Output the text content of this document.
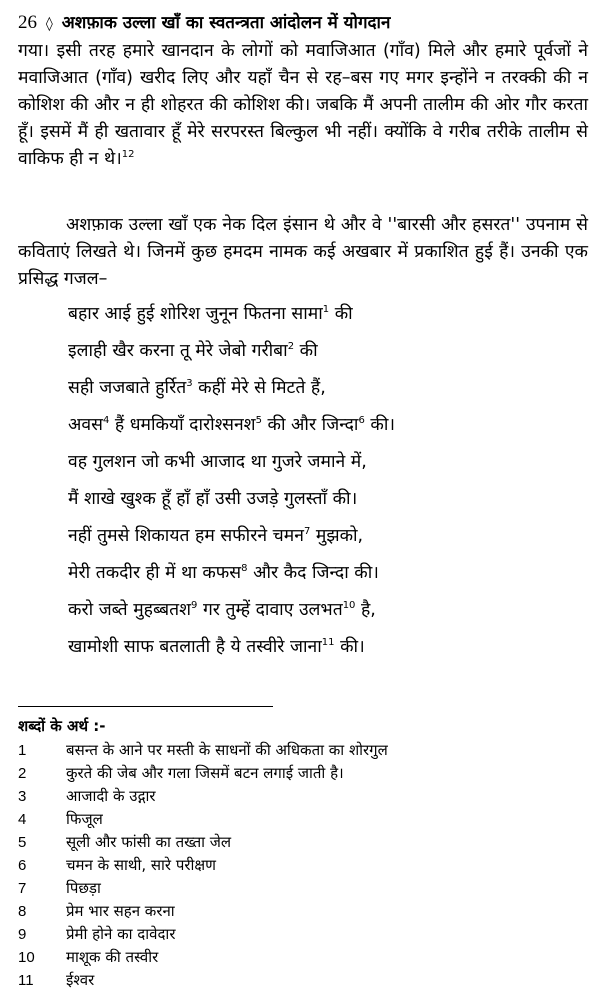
26 ◊ अशफ़ाक उल्ला खाँ का स्वतन्त्रता आंदोलन में योगदान
गया। इसी तरह हमारे खानदान के लोगों को मवाजिआत (गाँव) मिले और हमारे पूर्वजों ने मवाजिआत (गाँव) खरीद लिए और यहाँ चैन से रह–बस गए मगर इन्होंने न तरक्की की न कोशिश की और न ही शोहरत की कोशिश की। जबकि मैं अपनी तालीम की ओर गौर करता हूँ। इसमें मैं ही खतावार हूँ मेरे सरपरस्त बिल्कुल भी नहीं। क्योंकि वे गरीब तरीके तालीम से वाकिफ ही न थे।$^{12}$
अशफ़ाक उल्ला खाँ एक नेक दिल इंसान थे और वे ''बारसी और हसरत'' उपनाम से कविताएं लिखते थे। जिनमें कुछ हमदम नामक कई अखबार में प्रकाशित हुई हैं। उनकी एक प्रसिद्ध गजल–
बहार आई हुई शोरिश जुनून फितना सामा$^1$ की
इलाही खैर करना तू मेरे जेबो गरीबा$^2$ की
सही जजबाते हुर्रित$^3$ कहीं मेरे से मिटते हैं,
अवस$^4$ हैं धमकियाँ दारोश्सनश$^5$ की और जिन्दा$^6$ की।
वह गुलशन जो कभी आजाद था गुजरे जमाने में,
मैं शाखे खुश्क हूँ हाँ हाँ उसी उजड़े गुलस्ताँ की।
नहीं तुमसे शिकायत हम सफीरने चमन$^7$ मुझको,
मेरी तकदीर ही में था कफस$^8$ और कैद जिन्दा की।
करो जब्ते मुहब्बतश$^9$ गर तुम्हें दावाए उलभत$^{10}$ है,
खामोशी साफ बतलाती है ये तस्वीरे जाना$^{11}$ की।
शब्दों के अर्थ :-
1	बसन्त के आने पर मस्ती के साधनों की अधिकता का शोरगुल
2	कुरते की जेब और गला जिसमें बटन लगाई जाती है।
3	आजादी के उद्गार
4	फिजूल
5	सूली और फांसी का तख्ता जेल
6	चमन के साथी, सारे परीक्षण
7	पिछड़ा
8	प्रेम भार सहन करना
9	प्रेमी होने का दावेदार
10 माशूक की तस्वीर
11 ईश्वर
